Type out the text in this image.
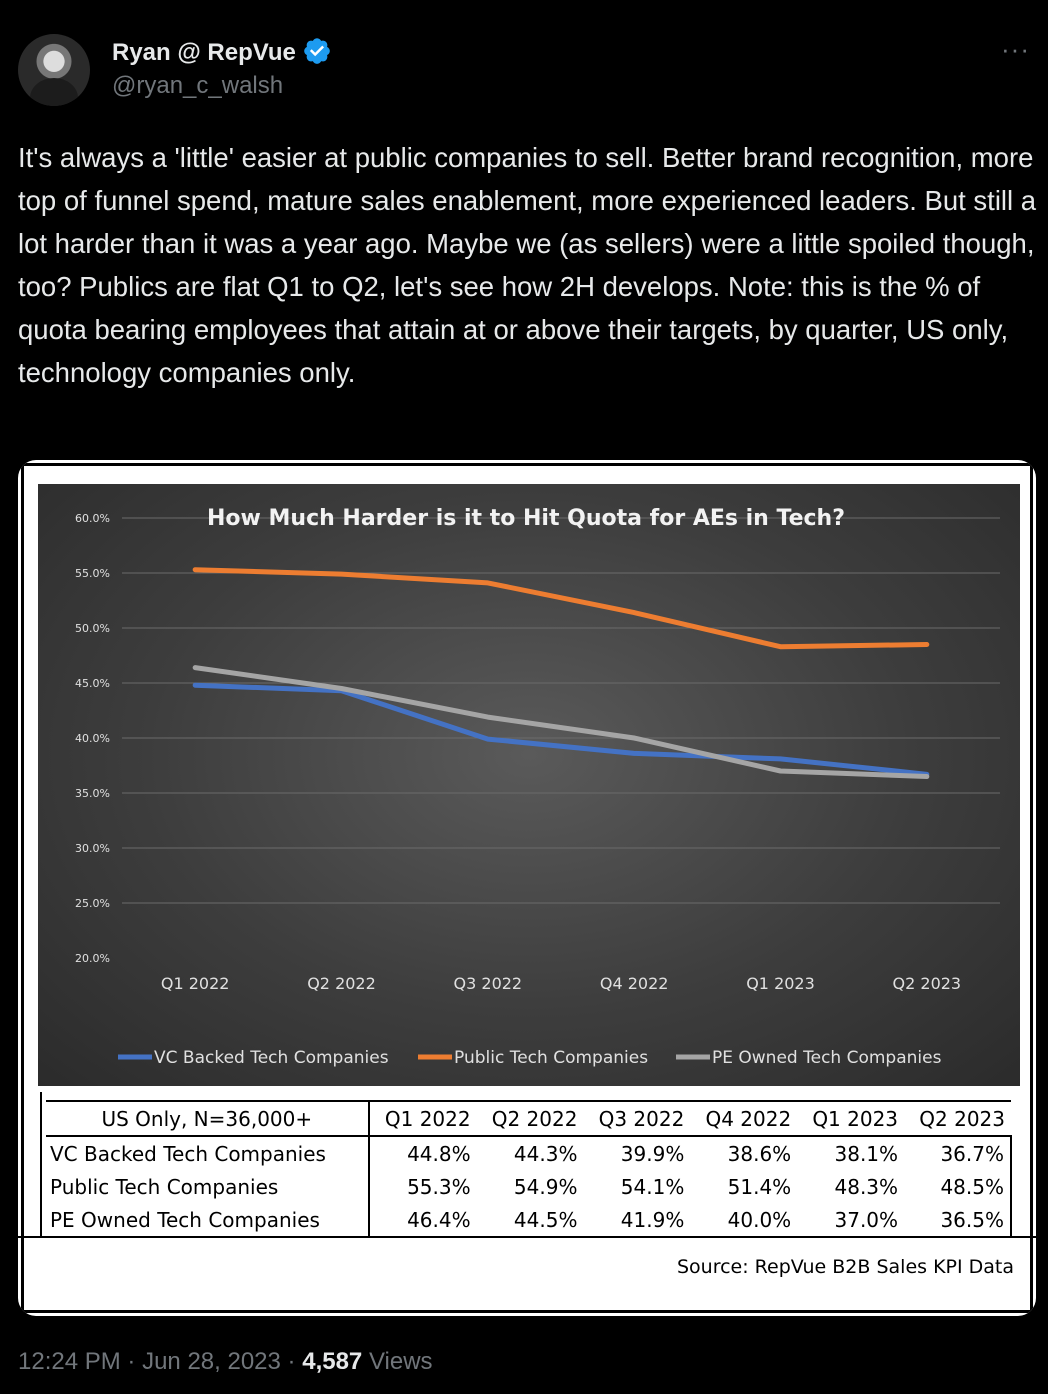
Ryan @ RepVue
@ryan_c_walsh
···
It's always a 'little' easier at public companies to sell. Better brand recognition, more top of funnel spend, mature sales enablement, more experienced leaders. But still a lot harder than it was a year ago. Maybe we (as sellers) were a little spoiled though, too? Publics are flat Q1 to Q2, let's see how 2H develops. Note: this is the % of quota bearing employees that attain at or above their targets, by quarter, US only, technology companies only.
60.0%
55.0%
50.0%
45.0%
40.0%
35.0%
30.0%
25.0%
20.0%
How Much Harder is it to Hit Quota for AEs in Tech?
Q1 2022	Q2 2022	Q3 2022	Q4 2022	Q1 2023	Q2 2023
VC Backed Tech Companies	Public Tech Companies	PE Owned Tech Companies
US Only, N=36,000+	Q1 2022	Q2 2022	Q3 2022	Q4 2022	Q1 2023	Q2 2023
VC Backed Tech Companies	44.8%	44.3%	39.9%	38.6%	38.1%	36.7%
Public Tech Companies	55.3%	54.9%	54.1%	51.4%	48.3%	48.5%
PE Owned Tech Companies	46.4%	44.5%	41.9%	40.0%	37.0%	36.5%
Source: RepVue B2B Sales KPI Data
12:24 PM · Jun 28, 2023 · 4,587 Views
